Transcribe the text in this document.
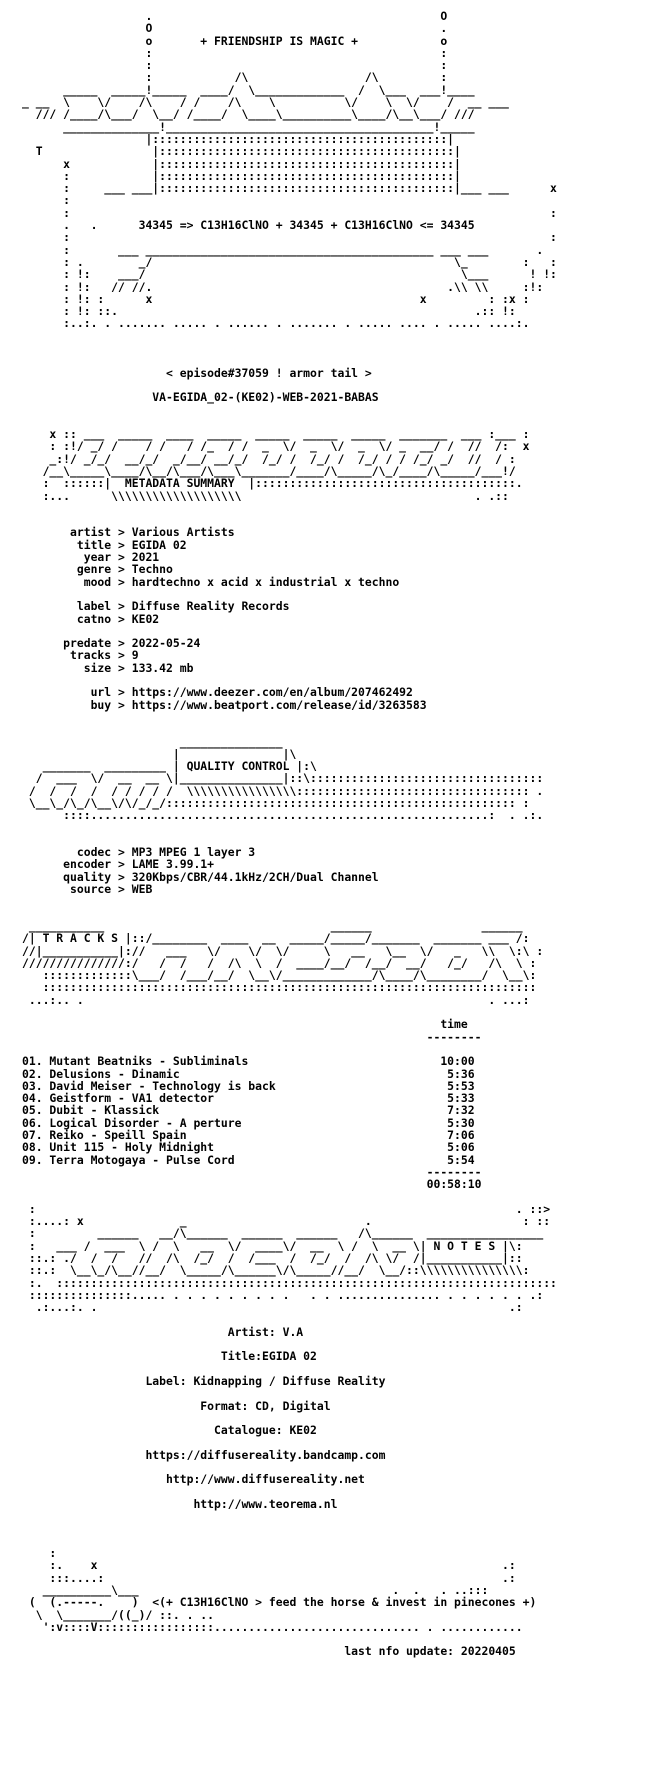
.                                          O
O                                          .
o       + FRIENDSHIP IS MAGIC +            o
:                                          :
:                                          :
:            /\                 /\         :
_____  _____!_____  ____/  \_____________  /  \___  ___!____
_ __  \    \/    /\    / /    /\    \          \/    \  \/    /  __ ___
/// /____/\___/  \__/ /____/  \____\__________\____/\__\___/ ///
______________!_______________________________________!_____
|:::::::::::::::::::::::::::::::::::::::::::|
T                |:::::::::::::::::::::::::::::::::::::::::::|
x            |:::::::::::::::::::::::::::::::::::::::::::|
:            |:::::::::::::::::::::::::::::::::::::::::::|
:     ___ ___|:::::::::::::::::::::::::::::::::::::::::::|___ ___      x
:
:                                                                      :
.   .      34345 => C13H16ClNO + 34345 + C13H16ClNO <= 34345
:                                                                      :
:       ___ __________________________________________ ___ ___       .
: .        _/                                            \_        :   :
: !:    ___/                                              \___      ! !:
: !:   // //.                                           .\\ \\     :!:
: !: :      x                                       x         : :x :
: !: ::.                                                    .:: !:
:..:. . ....... ..... . ...... . ....... . ..... .... . ..... ....:.

< episode#37059 ! armor tail >

VA-EGIDA_02-(KE02)-WEB-2021-BABAS

x :: ___  _____  ____  _____  _____  _____  _____  _______  ___ :___ :
: :!/ _/ /    / /   / /_  / /  _  \/  _  \/  _  \/ _  __/ /  //  /:  x
_:!/ _/_/  __/_/  _/__/ __/_/  /_/ /  /_/ /  /_/ / / /_/ _/  //  / :
/__\_____\____/\__/\___/\___\_______/____/\_____/\_/____/\_____/___!/
:  ::::::|  METADATA SUMMARY  |::::::::::::::::::::::::::::::::::::::.
:...      \\\\\\\\\\\\\\\\\\\                                  . .::

artist > Various Artists
title > EGIDA 02
year > 2021
genre > Techno
mood > hardtechno x acid x industrial x techno

label > Diffuse Reality Records
catno > KE02

predate > 2022-05-24
tracks > 9
size > 133.42 mb

url > https://www.deezer.com/en/album/207462492
buy > https://www.beatport.com/release/id/3263583

_______________
|               |\
_______  _________ | QUALITY CONTROL |:\
/  ___  \/  __  __ \|_______________|::\::::::::::::::::::::::::::::::::::
/  /  /  /  / / / / /  \\\\\\\\\\\\\\\\:::::::::::::::::::::::::::::::::: .
\__\_/\_/\__\/\/_/_/::::::::::::::::::::::::::::::::::::::::::::::::::: :
::::..........................................................:  . .:.

codec > MP3 MPEG 1 layer 3
encoder > LAME 3.99.1+
quality > 320Kbps/CBR/44.1kHz/2CH/Dual Channel
source > WEB

___________                                 ______                ______
/| T R A C K S |::/________  ____  __  _____/_____/_______  _______ ___ /:
//|___________|://   ___   \/    \/  \/     \   __   \__  \/   _   \\  \:\ :
///////////////:/   /  /   /  /\  \  /  ____/__/  /__/  __/   /_/   /\  \ :
:::::::::::::\___/  /___/__/  \__\/_____________/\____/\________/  \__\:
::::::::::::::::::::::::::::::::::::::::::::::::::::::::::::::::::::::::
...:.. .                                                           . ...:

time
--------

01. Mutant Beatniks - Subliminals                            10:00
02. Delusions - Dinamic                                       5:36
03. David Meiser - Technology is back                         5:53
04. Geistform - VA1 detector                                  5:33
05. Dubit - Klassick                                          7:32
06. Logical Disorder - A perture                              5:30
07. Reiko - Speill Spain                                      7:06
08. Unit 115 - Holy Midnight                                  5:06
09. Terra Motogaya - Pulse Cord                               5:54
--------
00:58:10

:                                                                      . ::>
:....: x              _                          .                      : ::
:         ______   __/\______  ______  ______   /\______  _________________
:   ___ /  ___  \ /  \   __  \/  ____\/  __  \ /  \  __ \| N O T E S |\:
::.: ./  /  /   //  /\  /_/  /  /___  /  /_/  /  /\ \/  /|___________|::
::.:  \__\_/\__//__/  \_____/\______\/\_____//__/  \__/::\\\\\\\\\\\\\\\:
:.  :::::::::::::::::::::::::::::::::::::::::::::::::::::::::::::::::::::::::
:::::::::::::::..... . . . . . . . . .   . . ............... . . . . . . .:
.:...:. .                                                            .:

Artist: V.A

Title:EGIDA 02

Label: Kidnapping / Diffuse Reality

Format: CD, Digital

Catalogue: KE02

https://diffusereality.bandcamp.com

http://www.diffusereality.net

http://www.teorema.nl

:
:.    x                                                           .:
:::....:                                                          .:
__________\___                                     .  .   . ..:::
(  (.-----.    )  <(+ C13H16ClNO > feed the horse & invest in pinecones +)
\  \_______/((_)/ ::. . ..
':v::::V:::::::::::::::::.............................. . ............

last nfo update: 20220405
